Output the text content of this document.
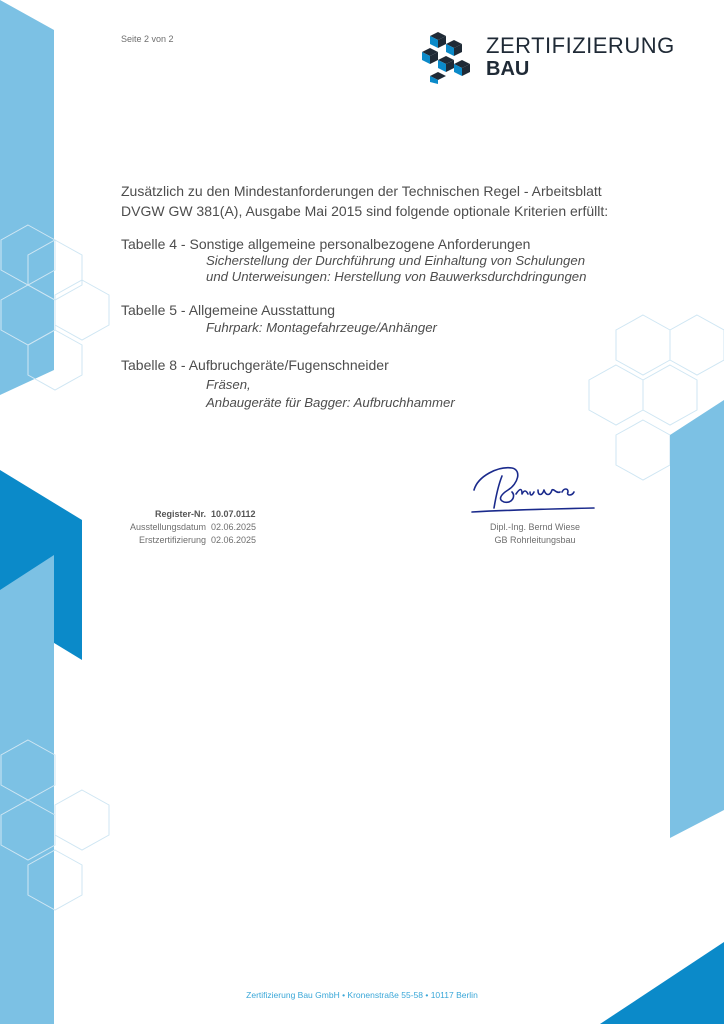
Seite 2 von 2	ZERTIFIZIERUNG
BAU
Zusätzlich zu den Mindestanforderungen der Technischen Regel - Arbeitsblatt DVGW GW 381(A), Ausgabe Mai 2015 sind folgende optionale Kriterien erfüllt:
Tabelle 4 - Sonstige allgemeine personalbezogene Anforderungen
Sicherstellung der Durchführung und Einhaltung von Schulungen
und Unterweisungen: Herstellung von Bauwerksdurchdringungen
Tabelle 5 - Allgemeine Ausstattung
Fuhrpark: Montagefahrzeuge/Anhänger
Tabelle 8 - Aufbruchgeräte/Fugenschneider
Fräsen,
Anbaugeräte für Bagger: Aufbruchhammer
Register-Nr. 10.07.0112
Ausstellungsdatum 02.06.2025
Erstzertifizierung 02.06.2025
Dipl.-Ing. Bernd Wiese
GB Rohrleitungsbau
Zertifizierung Bau GmbH • Kronenstraße 55-58 • 10117 Berlin
